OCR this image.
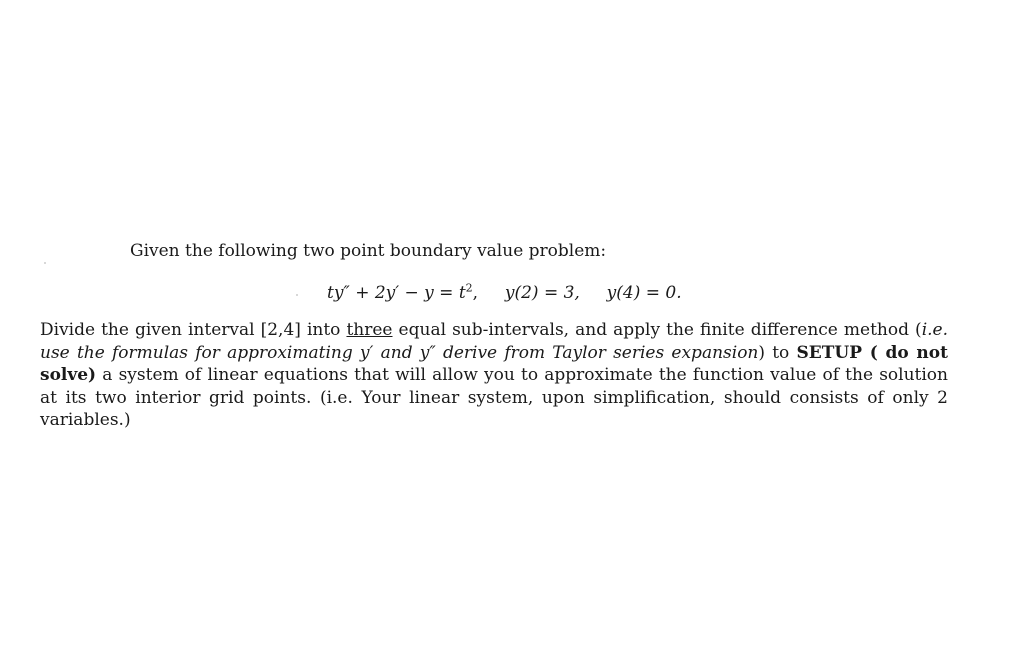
Given the following two point boundary value problem:
$ty'' + 2y' - y = t^2$, y(2) = 3, y(4) = 0.
Divide the given interval [2,4] into three equal sub-intervals, and apply the finite difference method (i.e. use the formulas for approximating y′ and y″ derive from Taylor series expansion) to SETUP ( do not solve) a system of linear equations that will allow you to approximate the function value of the solution at its two interior grid points. (i.e. Your linear system, upon simplification, should consists of only 2 variables.)
